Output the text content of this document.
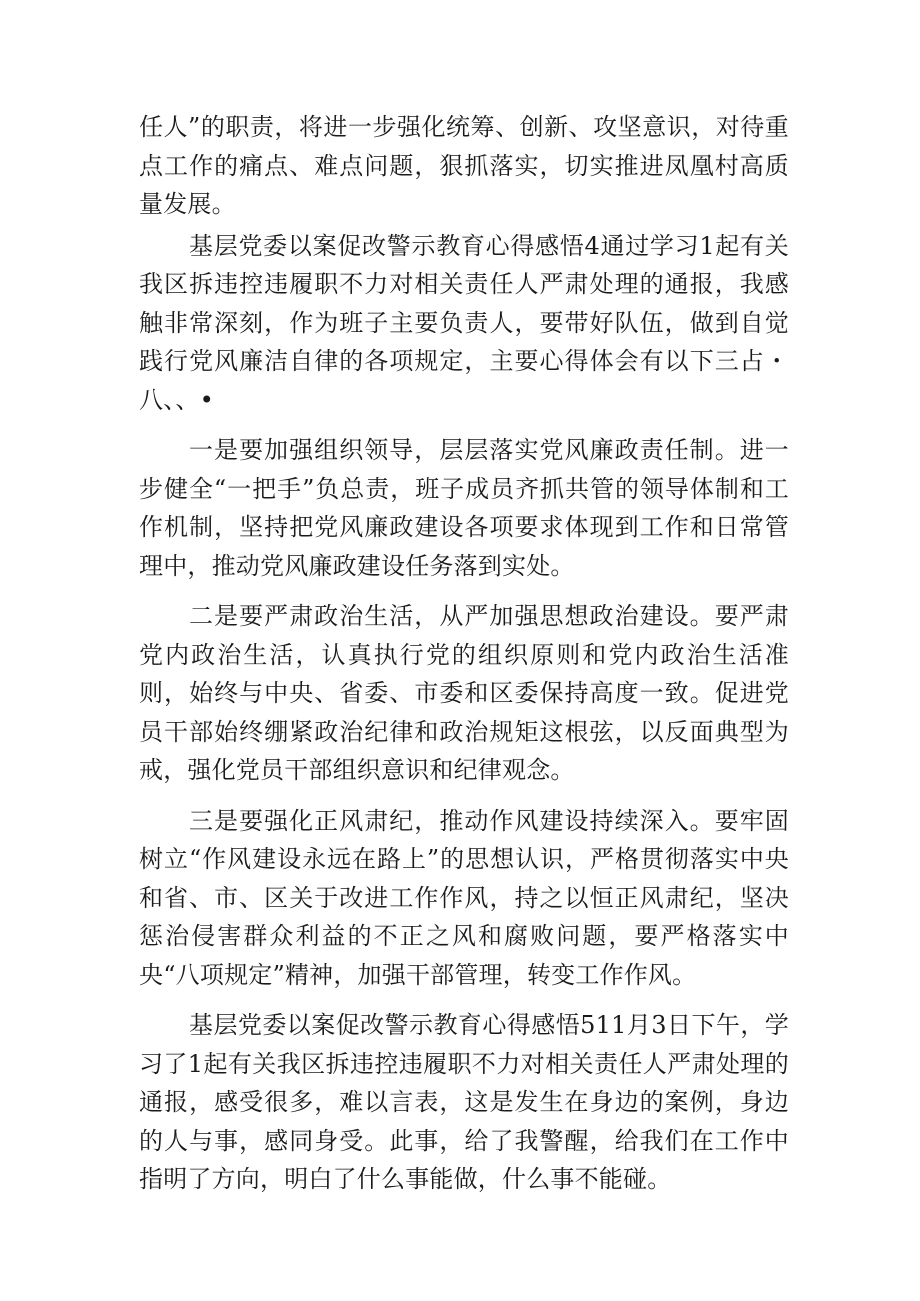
任人”的职责，将进一步强化统筹、创新、攻坚意识，对待重点工作的痛点、难点问题，狠抓落实，切实推进凤凰村高质量发展。

基层党委以案促改警示教育心得感悟4通过学习1起有关我区拆违控违履职不力对相关责任人严肃处理的通报，我感触非常深刻，作为班子主要负责人，要带好队伍，做到自觉践行党风廉洁自律的各项规定，主要心得体会有以下三占・八、、•

一是要加强组织领导，层层落实党风廉政责任制。进一步健全“一把手”负总责，班子成员齐抓共管的领导体制和工作机制，坚持把党风廉政建设各项要求体现到工作和日常管理中，推动党风廉政建设任务落到实处。

二是要严肃政治生活，从严加强思想政治建设。要严肃党内政治生活，认真执行党的组织原则和党内政治生活准则，始终与中央、省委、市委和区委保持高度一致。促进党员干部始终绷紧政治纪律和政治规矩这根弦，以反面典型为戒，强化党员干部组织意识和纪律观念。

三是要强化正风肃纪，推动作风建设持续深入。要牢固树立“作风建设永远在路上”的思想认识，严格贯彻落实中央和省、市、区关于改进工作作风，持之以恒正风肃纪，坚决惩治侵害群众利益的不正之风和腐败问题，要严格落实中央“八项规定”精神，加强干部管理，转变工作作风。

基层党委以案促改警示教育心得感悟511月3日下午，学习了1起有关我区拆违控违履职不力对相关责任人严肃处理的通报，感受很多，难以言表，这是发生在身边的案例，身边的人与事，感同身受。此事，给了我警醒，给我们在工作中指明了方向，明白了什么事能做，什么事不能碰。
